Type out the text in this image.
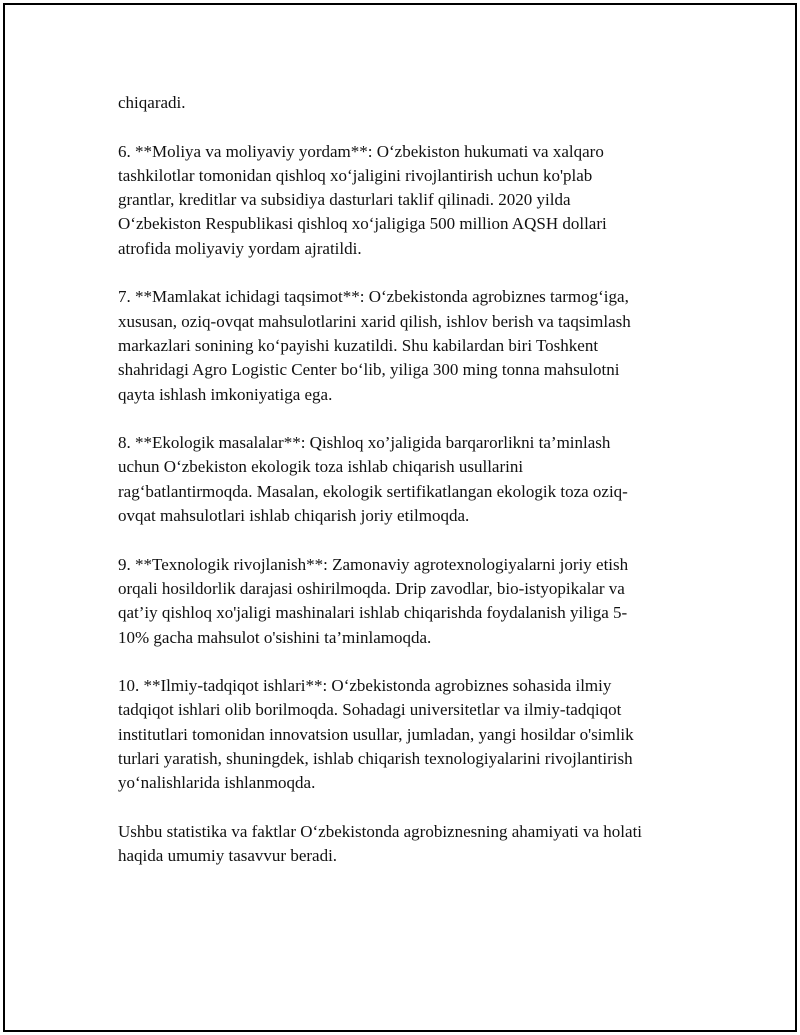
chiqaradi.

6. **Moliya va moliyaviy yordam**: O‘zbekiston hukumati va xalqaro
tashkilotlar tomonidan qishloq xo‘jaligini rivojlantirish uchun ko'plab
grantlar, kreditlar va subsidiya dasturlari taklif qilinadi. 2020 yilda
O‘zbekiston Respublikasi qishloq xo‘jaligiga 500 million AQSH dollari
atrofida moliyaviy yordam ajratildi.

7. **Mamlakat ichidagi taqsimot**: O‘zbekistonda agrobiznes tarmog‘iga,
xususan, oziq-ovqat mahsulotlarini xarid qilish, ishlov berish va taqsimlash
markazlari sonining ko‘payishi kuzatildi. Shu kabilardan biri Toshkent
shahridagi Agro Logistic Center bo‘lib, yiliga 300 ming tonna mahsulotni
qayta ishlash imkoniyatiga ega.

8. **Ekologik masalalar**: Qishloq xo’jaligida barqarorlikni ta’minlash
uchun O‘zbekiston ekologik toza ishlab chiqarish usullarini
rag‘batlantirmoqda. Masalan, ekologik sertifikatlangan ekologik toza oziq-
ovqat mahsulotlari ishlab chiqarish joriy etilmoqda.

9. **Texnologik rivojlanish**: Zamonaviy agrotexnologiyalarni joriy etish
orqali hosildorlik darajasi oshirilmoqda. Drip zavodlar, bio-istyopikalar va
qat’iy qishloq xo'jaligi mashinalari ishlab chiqarishda foydalanish yiliga 5-
10% gacha mahsulot o'sishini ta’minlamoqda.

10. **Ilmiy-tadqiqot ishlari**: O‘zbekistonda agrobiznes sohasida ilmiy
tadqiqot ishlari olib borilmoqda. Sohadagi universitetlar va ilmiy-tadqiqot
institutlari tomonidan innovatsion usullar, jumladan, yangi hosildar o'simlik
turlari yaratish, shuningdek, ishlab chiqarish texnologiyalarini rivojlantirish
yo‘nalishlarida ishlanmoqda.

Ushbu statistika va faktlar O‘zbekistonda agrobiznesning ahamiyati va holati
haqida umumiy tasavvur beradi.
